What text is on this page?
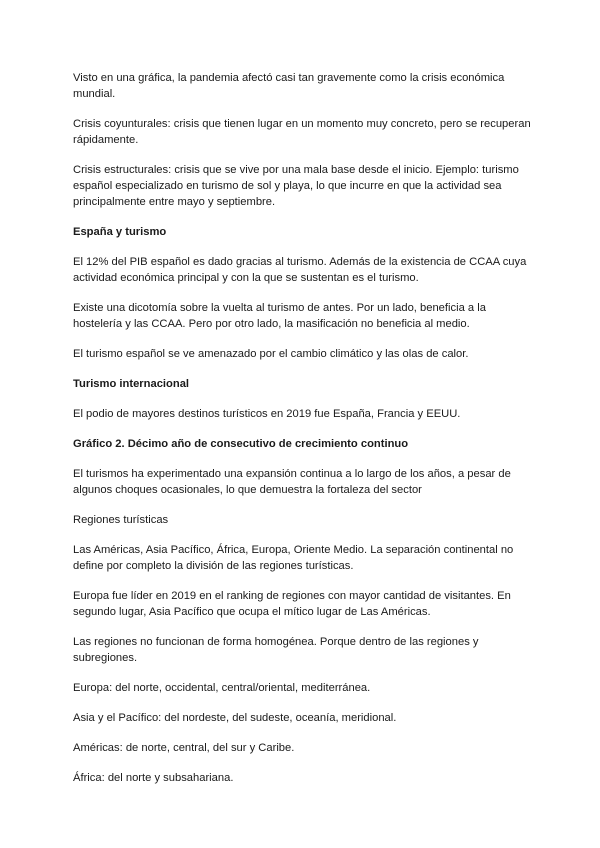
Visto en una gráfica, la pandemia afectó casi tan gravemente como la crisis económica mundial.

Crisis coyunturales: crisis que tienen lugar en un momento muy concreto, pero se recuperan rápidamente.

Crisis estructurales: crisis que se vive por una mala base desde el inicio. Ejemplo: turismo español especializado en turismo de sol y playa, lo que incurre en que la actividad sea principalmente entre mayo y septiembre.

España y turismo

El 12% del PIB español es dado gracias al turismo. Además de la existencia de CCAA cuya actividad económica principal y con la que se sustentan es el turismo.

Existe una dicotomía sobre la vuelta al turismo de antes. Por un lado, beneficia a la hostelería y las CCAA. Pero por otro lado, la masificación no beneficia al medio.

El turismo español se ve amenazado por el cambio climático y las olas de calor.

Turismo internacional

El podio de mayores destinos turísticos en 2019 fue España, Francia y EEUU.

Gráfico 2. Décimo año de consecutivo de crecimiento continuo

El turismos ha experimentado una expansión continua a lo largo de los años, a pesar de algunos choques ocasionales, lo que demuestra la fortaleza del sector

Regiones turísticas

Las Américas, Asia Pacífico, África, Europa, Oriente Medio. La separación continental no define por completo la división de las regiones turísticas.

Europa fue líder en 2019 en el ranking de regiones con mayor cantidad de visitantes. En segundo lugar, Asia Pacífico que ocupa el mítico lugar de Las Américas.

Las regiones no funcionan de forma homogénea. Porque dentro de las regiones y subregiones.

Europa: del norte, occidental, central/oriental, mediterránea.

Asia y el Pacífico: del nordeste, del sudeste, oceanía, meridional.

Américas: de norte, central, del sur y Caribe.

África: del norte y subsahariana.
